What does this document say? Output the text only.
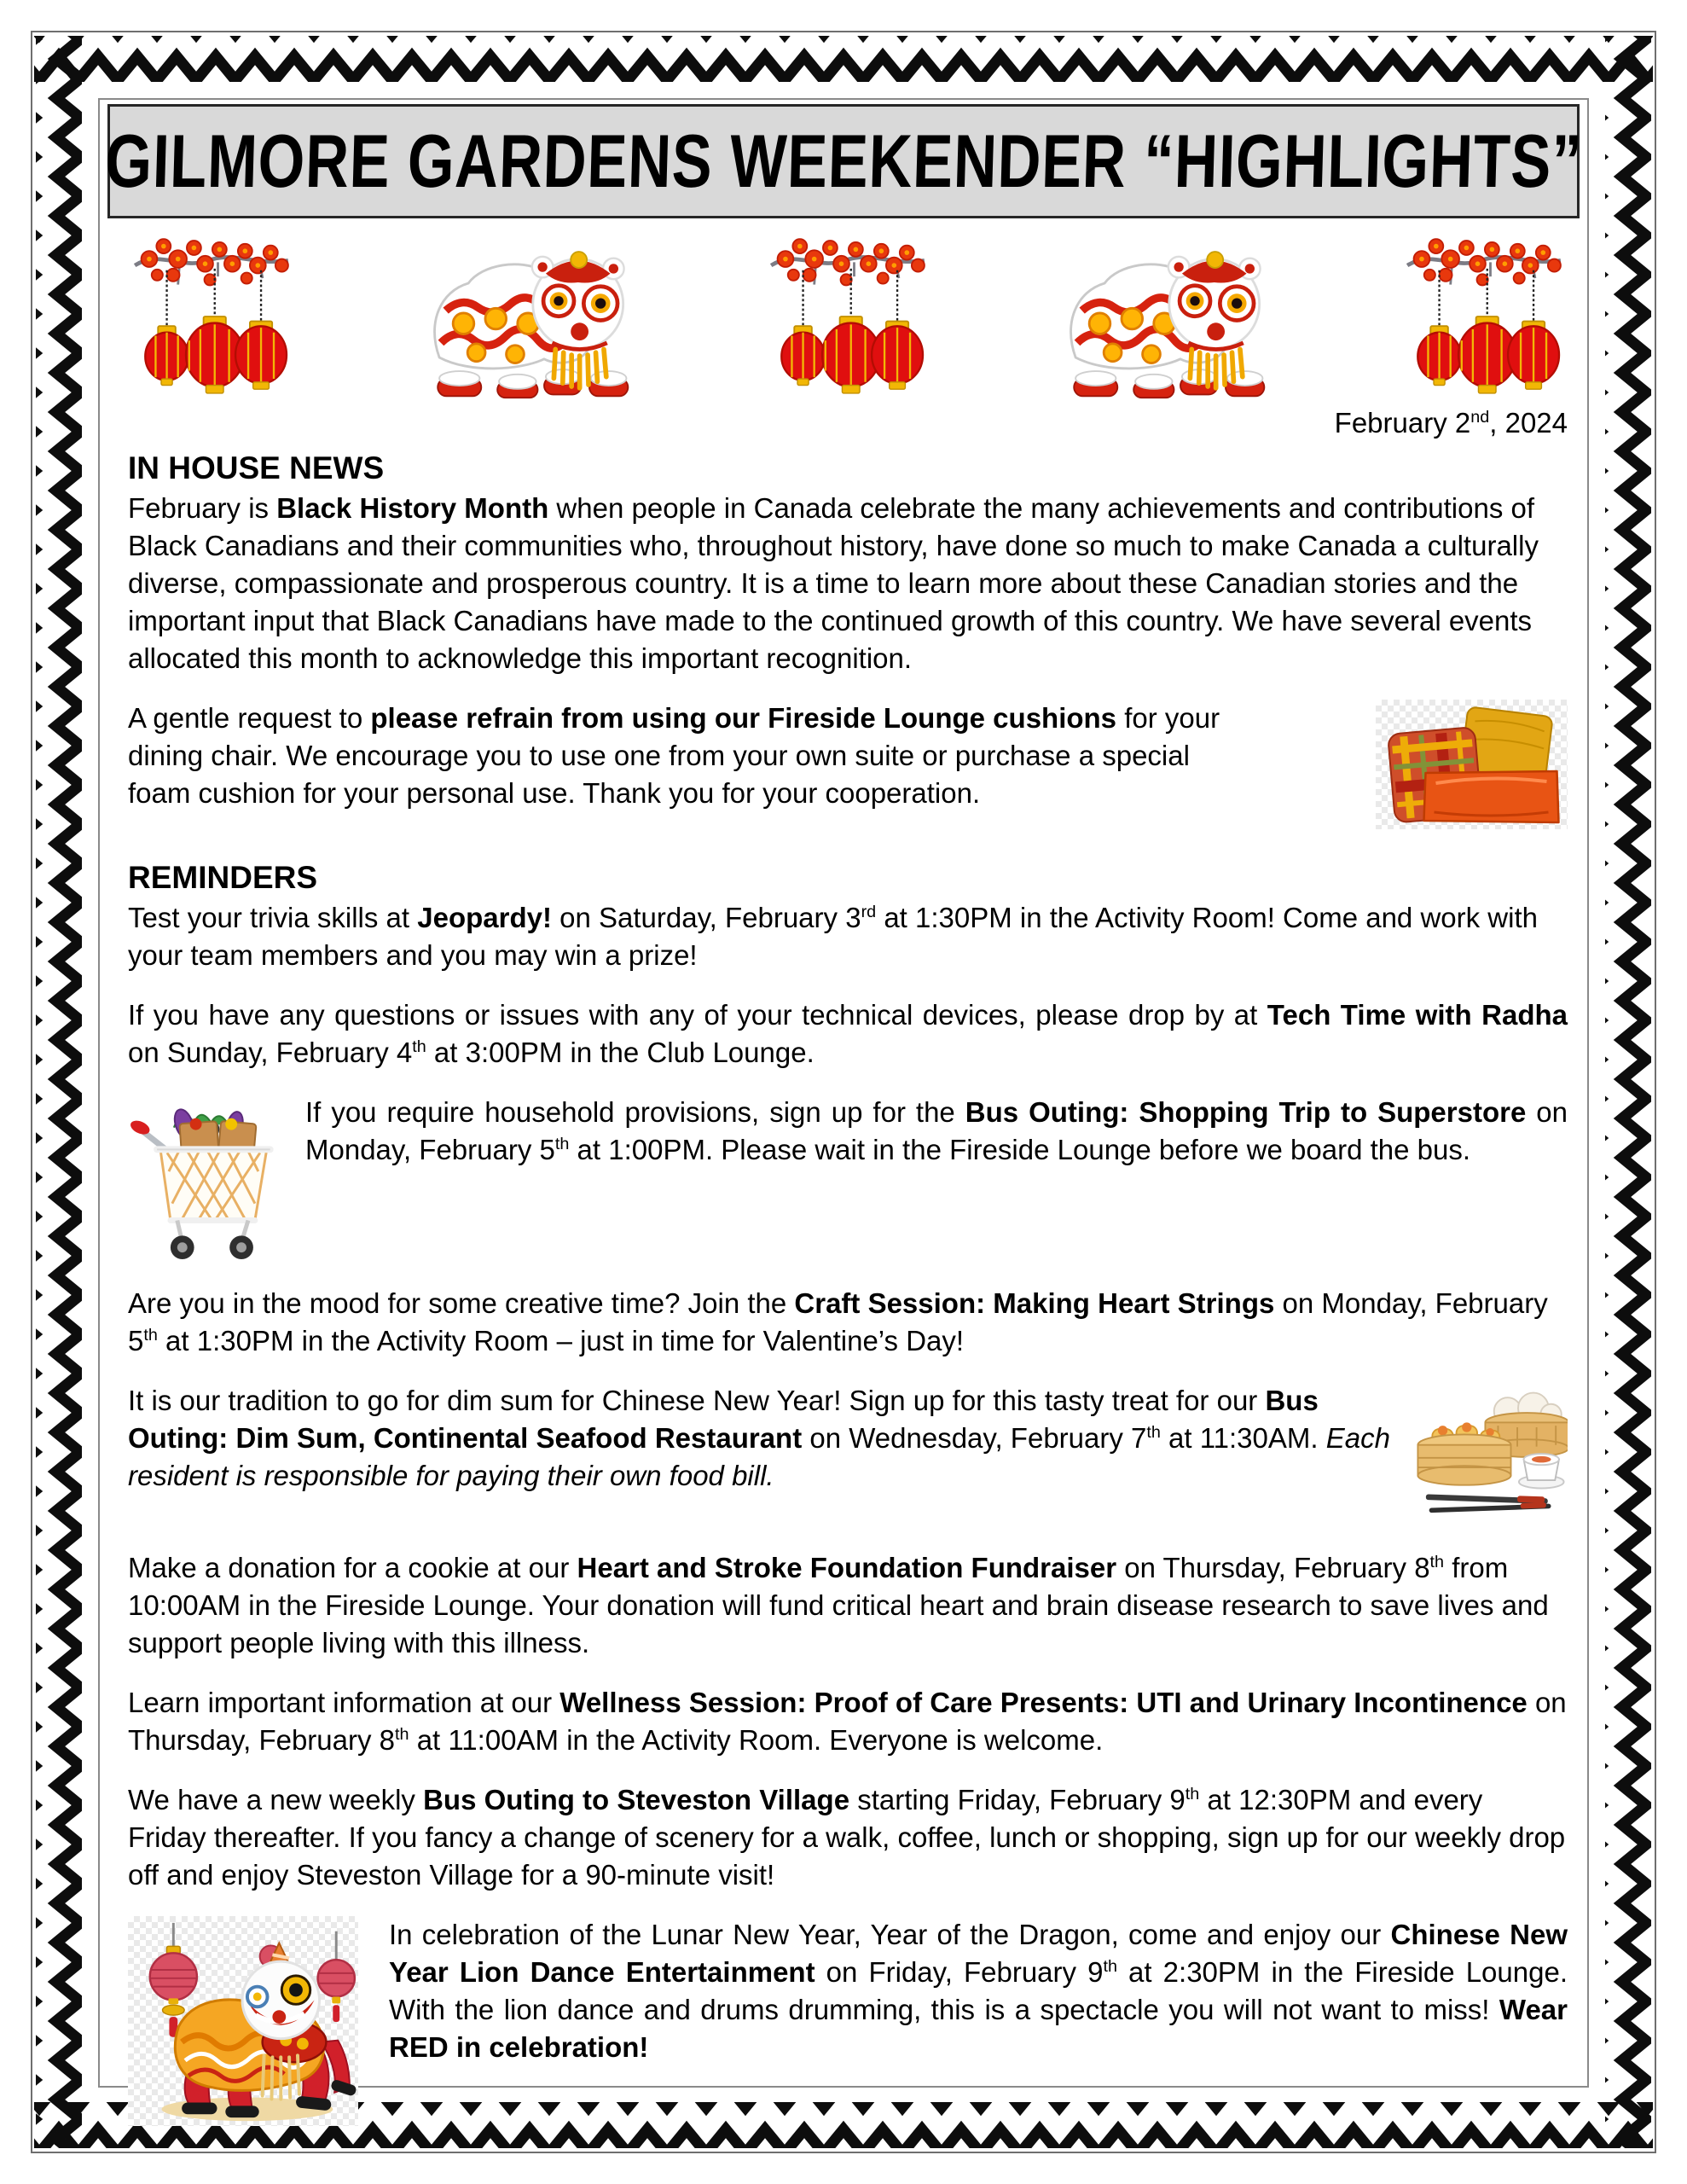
GILMORE GARDENS WEEKENDER “HIGHLIGHTS”
February 2nd, 2024
IN HOUSE NEWS

February is Black History Month when people in Canada celebrate the many achievements and contributions of Black Canadians and their communities who, throughout history, have done so much to make Canada a culturally diverse, compassionate and prosperous country. It is a time to learn more about these Canadian stories and the important input that Black Canadians have made to the continued growth of this country. We have several events allocated this month to acknowledge this important recognition.

A gentle request to please refrain from using our Fireside Lounge cushions for your dining chair. We encourage you to use one from your own suite or purchase a special foam cushion for your personal use. Thank you for your cooperation.

REMINDERS

Test your trivia skills at Jeopardy! on Saturday, February 3rd at 1:30PM in the Activity Room! Come and work with your team members and you may win a prize!

If you have any questions or issues with any of your technical devices, please drop by at Tech Time with Radha on Sunday, February 4th at 3:00PM in the Club Lounge.

If you require household provisions, sign up for the Bus Outing: Shopping Trip to Superstore on Monday, February 5th at 1:00PM. Please wait in the Fireside Lounge before we board the bus.

Are you in the mood for some creative time? Join the Craft Session: Making Heart Strings on Monday, February 5th at 1:30PM in the Activity Room – just in time for Valentine’s Day!

It is our tradition to go for dim sum for Chinese New Year! Sign up for this tasty treat for our Bus Outing: Dim Sum, Continental Seafood Restaurant on Wednesday, February 7th at 11:30AM. Each resident is responsible for paying their own food bill.

Make a donation for a cookie at our Heart and Stroke Foundation Fundraiser on Thursday, February 8th from 10:00AM in the Fireside Lounge. Your donation will fund critical heart and brain disease research to save lives and support people living with this illness.

Learn important information at our Wellness Session: Proof of Care Presents: UTI and Urinary Incontinence on Thursday, February 8th at 11:00AM in the Activity Room. Everyone is welcome.

We have a new weekly Bus Outing to Steveston Village starting Friday, February 9th at 12:30PM and every Friday thereafter. If you fancy a change of scenery for a walk, coffee, lunch or shopping, sign up for our weekly drop off and enjoy Steveston Village for a 90-minute visit!

In celebration of the Lunar New Year, Year of the Dragon, come and enjoy our Chinese New Year Lion Dance Entertainment on Friday, February 9th at 2:30PM in the Fireside Lounge. With the lion dance and drums drumming, this is a spectacle you will not want to miss! Wear RED in celebration!
